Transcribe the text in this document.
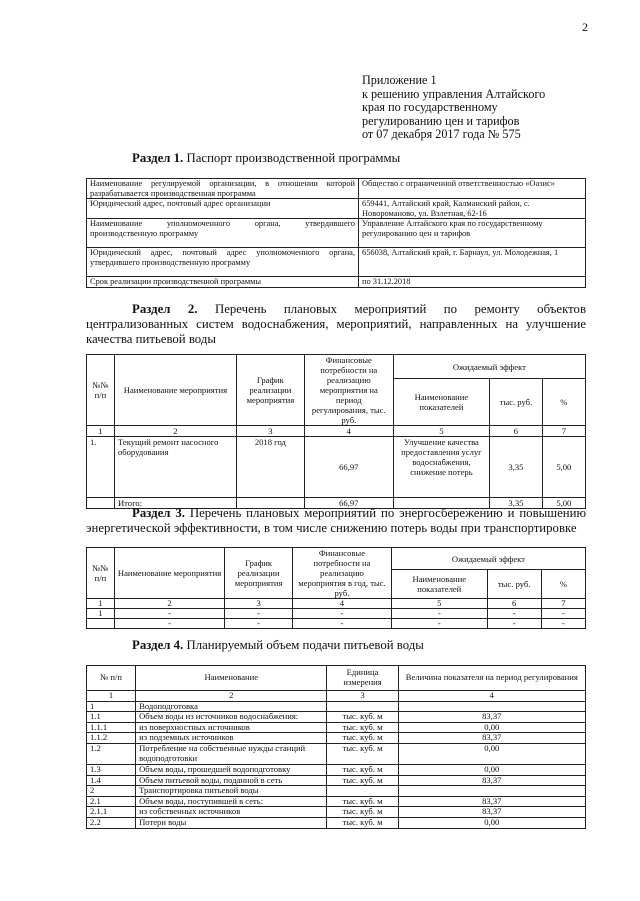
2
Приложение 1
к решению управления Алтайского
края по государственному
регулированию цен и тарифов
от 07 декабря 2017 года № 575
Раздел 1. Паспорт производственной программы
Наименование регулируемой организации, в отношении которой разрабатывается производственная программа	Общество с ограниченной ответственностью «Оазис»
Юридический адрес, почтовый адрес организации	659441, Алтайский край, Калманский район, с. Новороманово, ул. Взлетная, 62-16
Наименование уполномоченного органа, утвердившего производственную программу	Управление Алтайского края по государственному регулированию цен и тарифов
Юридический адрес, почтовый адрес уполномоченного органа, утвердившего производственную программу	656038, Алтайский край, г. Барнаул, ул. Молодежная, 1
Срок реализации производственной программы	по 31.12.2018
Раздел 2. Перечень плановых мероприятий по ремонту объектов централизованных систем водоснабжения, мероприятий, направленных на улучшение качества питьевой воды
№№ п/п	Наименование мероприятия	График реализации мероприятия	Финансовые потребности на реализацию мероприятия на период регулирования, тыс. руб.	Ожидаемый эффект		
				Наименование показателей	тыс. руб.	%
1	2	3	4	5	6	7
1.	Текущий ремонт насосного оборудования	2018 год	66,97	Улучшение качества предоставления услуг водоснабжения, снижение потерь	3,35	5,00
	Итого:		66,97		3,35	5,00
Раздел 3. Перечень плановых мероприятий по энергосбережению и повышению энергетической эффективности, в том числе снижению потерь воды при транспортировке
№№ п/п	Наименование мероприятия	График реализации мероприятия	Финансовые потребности на реализацию мероприятия в год, тыс. руб.	Ожидаемый эффект		
				Наименование показателей	тыс. руб.	%
1	2	3	4	5	6	7
1	-	-	-	-	-	-
	-	-	-	-	-	-
Раздел 4. Планируемый объем подачи питьевой воды
№ п/п	Наименование	Единица измерения	Величина показателя на период регулирования
1	2	3	4
1	Водоподготовка		
1.1	Объем воды из источников водоснабжения:	тыс. куб. м	83,37
1.1.1	из поверхностных источников	тыс. куб. м	0,00
1.1.2	из подземных источников	тыс. куб. м	83,37
1.2	Потребление на собственные нужды станций водоподготовки	тыс. куб. м	0,00
1.3	Объем воды, прошедшей водоподготовку	тыс. куб. м	0,00
1.4	Объем питьевой воды, поданной в сеть	тыс. куб. м	83,37
2	Транспортировка питьевой воды		
2.1	Объем воды, поступившей в сеть:	тыс. куб. м	83,37
2.1.1	из собственных источников	тыс. куб. м	83,37
2.2	Потери воды	тыс. куб. м	0,00
